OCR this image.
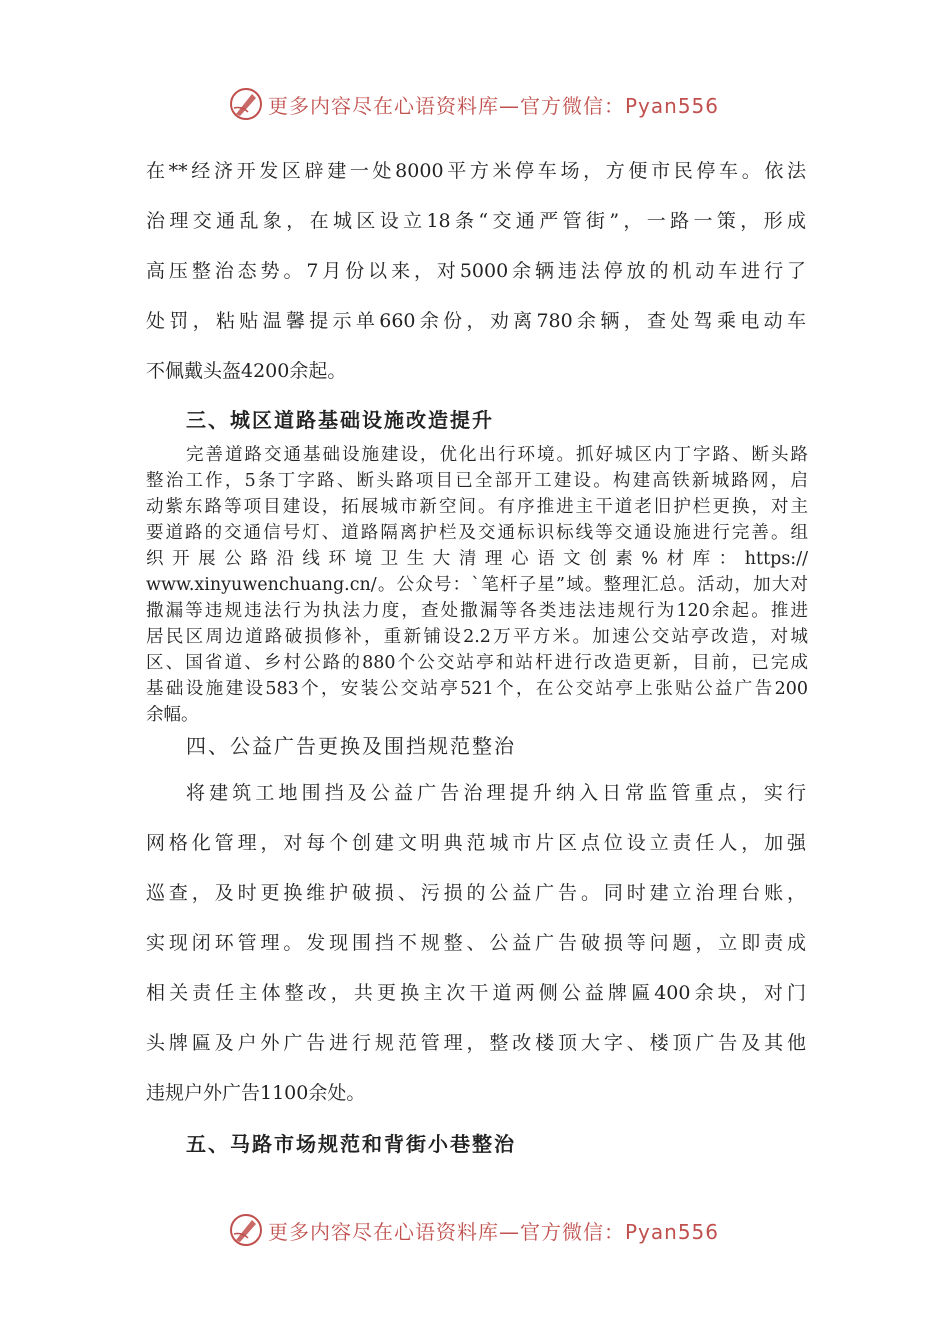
更多内容尽在心语资料库—官方微信：Pyan556
在**经济开发区辟建一处8000平方米停车场，方便市民停车。依法
治理交通乱象，在城区设立18条“交通严管街”，一路一策，形成
高压整治态势。7月份以来，对5000余辆违法停放的机动车进行了
处罚，粘贴温馨提示单660余份，劝离780余辆，查处驾乘电动车
不佩戴头盔4200余起。
三、城区道路基础设施改造提升
完善道路交通基础设施建设，优化出行环境。抓好城区内丁字路、断头路
整治工作，5条丁字路、断头路项目已全部开工建设。构建高铁新城路网，启
动紫东路等项目建设，拓展城市新空间。有序推进主干道老旧护栏更换，对主
要道路的交通信号灯、道路隔离护栏及交通标识标线等交通设施进行完善。组
织开展公路沿线环境卫生大清理心语文创素%材库：https://
www.xinyuwenchuang.cn/。公众号：`笔杆子星”域。整理汇总。活动，加大对
撒漏等违规违法行为执法力度，查处撒漏等各类违法违规行为120余起。推进
居民区周边道路破损修补，重新铺设2.2万平方米。加速公交站亭改造，对城
区、国省道、乡村公路的880个公交站亭和站杆进行改造更新，目前，已完成
基础设施建设583个，安装公交站亭521个，在公交站亭上张贴公益广告200
余幅。
四、公益广告更换及围挡规范整治
将建筑工地围挡及公益广告治理提升纳入日常监管重点，实行
网格化管理，对每个创建文明典范城市片区点位设立责任人，加强
巡查，及时更换维护破损、污损的公益广告。同时建立治理台账，
实现闭环管理。发现围挡不规整、公益广告破损等问题，立即责成
相关责任主体整改，共更换主次干道两侧公益牌匾400余块，对门
头牌匾及户外广告进行规范管理，整改楼顶大字、楼顶广告及其他
违规户外广告1100余处。
五、马路市场规范和背街小巷整治
更多内容尽在心语资料库—官方微信：Pyan556
